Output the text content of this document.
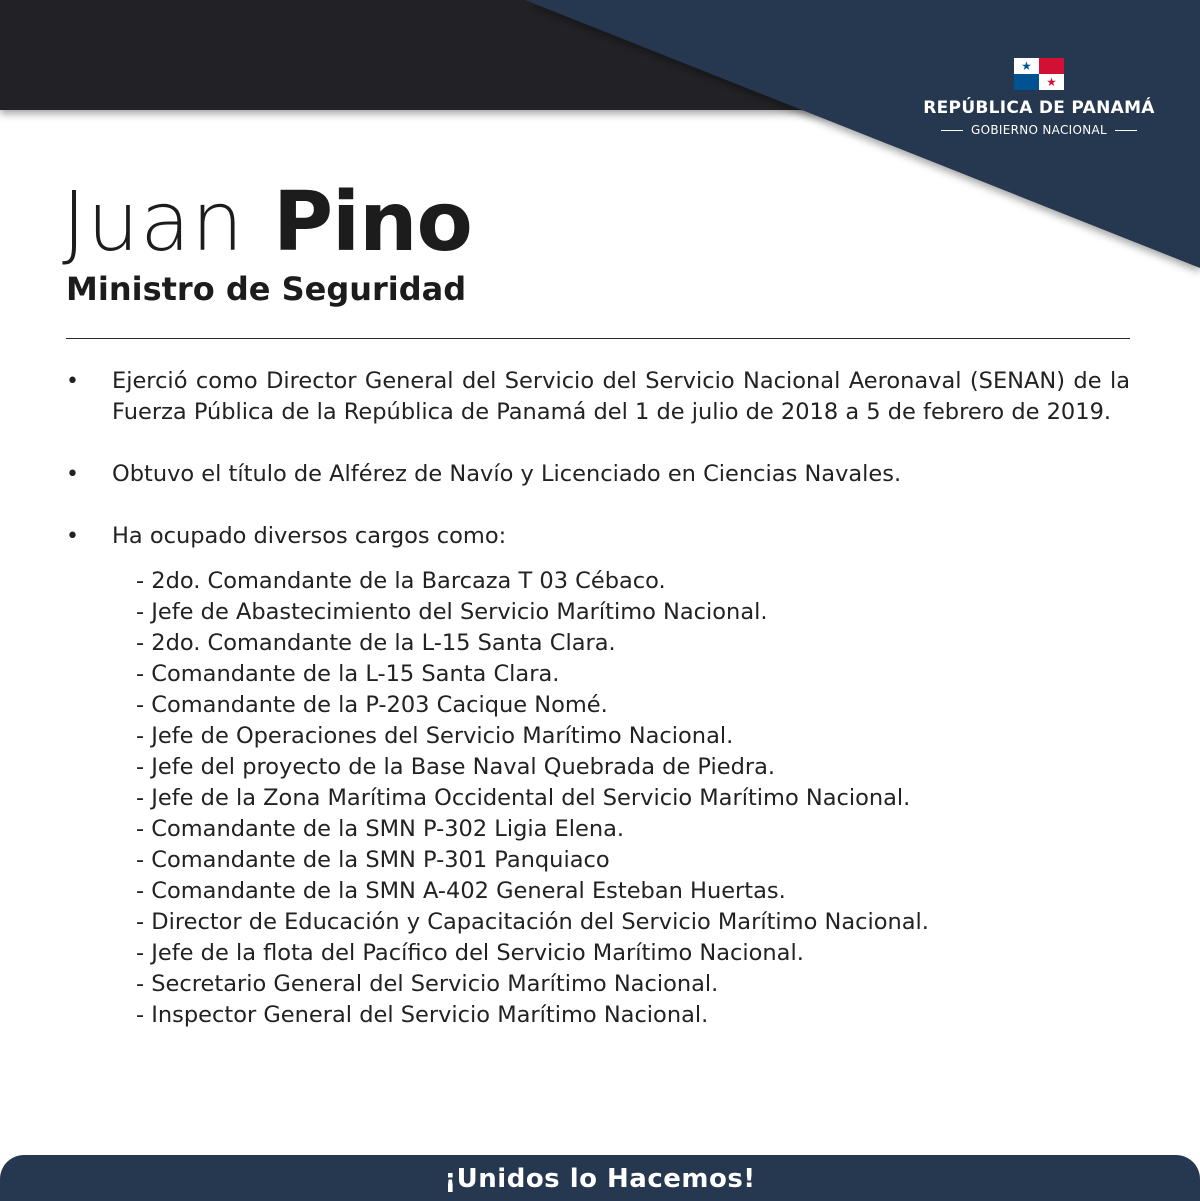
REPÚBLICA DE PANAMÁ
GOBIERNO NACIONAL
Juan Pino
Ministro de Seguridad
• Ejerció como Director General del Servicio del Servicio Nacional Aeronaval (SENAN) de la Fuerza Pública de la República de Panamá del 1 de julio de 2018 a 5 de febrero de 2019.
• Obtuvo el título de Alférez de Navío y Licenciado en Ciencias Navales.
• Ha ocupado diversos cargos como:
- 2do. Comandante de la Barcaza T 03 Cébaco.
- Jefe de Abastecimiento del Servicio Marítimo Nacional.
- 2do. Comandante de la L-15 Santa Clara.
- Comandante de la L-15 Santa Clara.
- Comandante de la P-203 Cacique Nomé.
- Jefe de Operaciones del Servicio Marítimo Nacional.
- Jefe del proyecto de la Base Naval Quebrada de Piedra.
- Jefe de la Zona Marítima Occidental del Servicio Marítimo Nacional.
- Comandante de la SMN P-302 Ligia Elena.
- Comandante de la SMN P-301 Panquiaco
- Comandante de la SMN A-402 General Esteban Huertas.
- Director de Educación y Capacitación del Servicio Marítimo Nacional.
- Jefe de la flota del Pacífico del Servicio Marítimo Nacional.
- Secretario General del Servicio Marítimo Nacional.
- Inspector General del Servicio Marítimo Nacional.
¡Unidos lo Hacemos!
